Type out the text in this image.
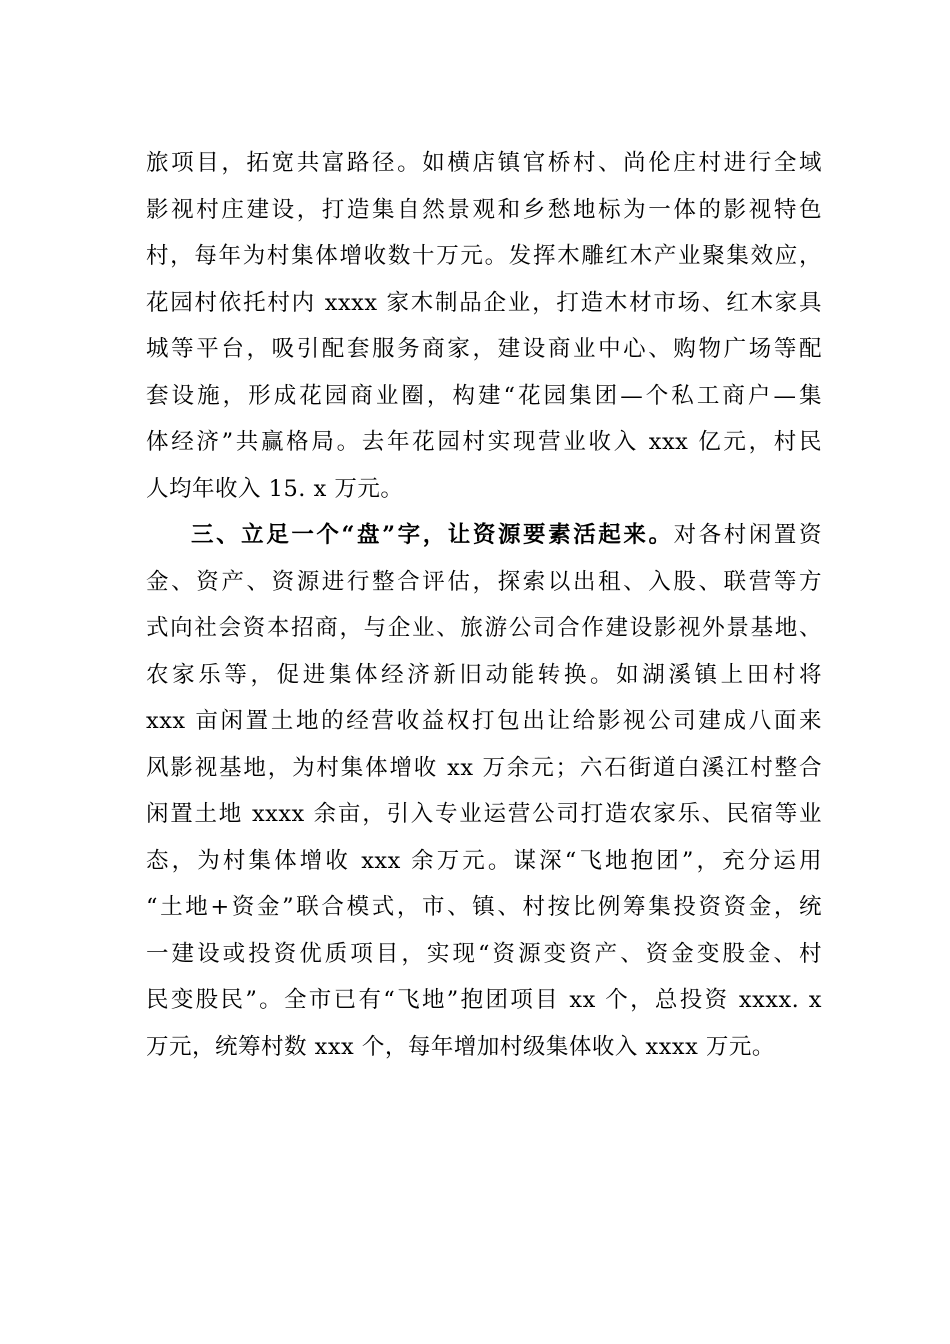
旅项目，拓宽共富路径。如横店镇官桥村、尚伦庄村进行全域
影视村庄建设，打造集自然景观和乡愁地标为一体的影视特色
村，每年为村集体增收数十万元。发挥木雕红木产业聚集效应，
花园村依托村内 xxxx 家木制品企业，打造木材市场、红木家具
城等平台，吸引配套服务商家，建设商业中心、购物广场等配
套设施，形成花园商业圈，构建“花园集团—个私工商户—集
体经济”共赢格局。去年花园村实现营业收入 xxx 亿元，村民
人均年收入 15. x 万元。
三、立足一个“盘”字，让资源要素活起来。对各村闲置资
金、资产、资源进行整合评估，探索以出租、入股、联营等方
式向社会资本招商，与企业、旅游公司合作建设影视外景基地、
农家乐等，促进集体经济新旧动能转换。如湖溪镇上田村将
xxx 亩闲置土地的经营收益权打包出让给影视公司建成八面来
风影视基地，为村集体增收 xx 万余元；六石街道白溪江村整合
闲置土地 xxxx 余亩，引入专业运营公司打造农家乐、民宿等业
态，为村集体增收 xxx 余万元。谋深“飞地抱团”，充分运用
“土地+资金”联合模式，市、镇、村按比例筹集投资资金，统
一建设或投资优质项目，实现“资源变资产、资金变股金、村
民变股民”。全市已有“飞地”抱团项目 xx 个，总投资 xxxx. x
万元，统筹村数 xxx 个，每年增加村级集体收入 xxxx 万元。
